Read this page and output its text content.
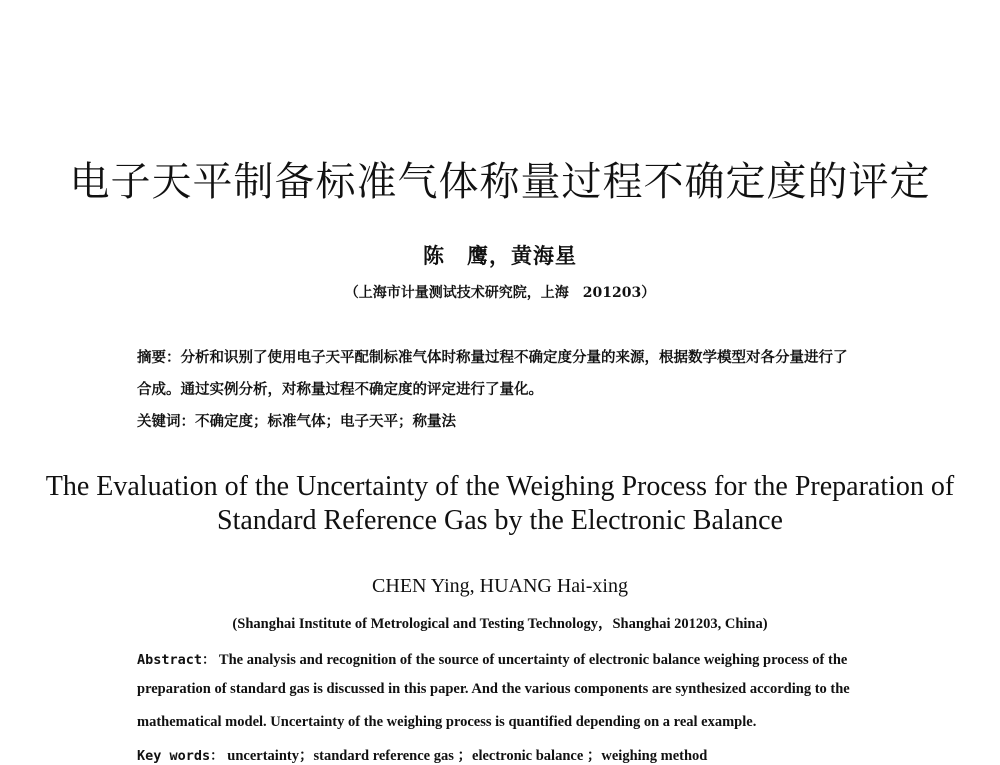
电子天平制备标准气体称量过程不确定度的评定
陈　鹰，黄海星
（上海市计量测试技术研究院，上海　201203）
摘要：分析和识别了使用电子天平配制标准气体时称量过程不确定度分量的来源，根据数学模型对各分量进行了
合成。通过实例分析，对称量过程不确定度的评定进行了量化。
关键词：不确定度；标准气体；电子天平；称量法
The Evaluation of the Uncertainty of the Weighing Process for the Preparation of Standard Reference Gas by the Electronic Balance
CHEN Ying, HUANG Hai-xing
(Shanghai Institute of Metrological and Testing Technology，Shanghai 201203, China)
Abstract： The analysis and recognition of the source of uncertainty of electronic balance weighing process of the
preparation of standard gas is discussed in this paper. And the various components are synthesized according to the
mathematical model. Uncertainty of the weighing process is quantified depending on a real example.
Key words： uncertainty；standard reference gas ；electronic balance ；weighing method
